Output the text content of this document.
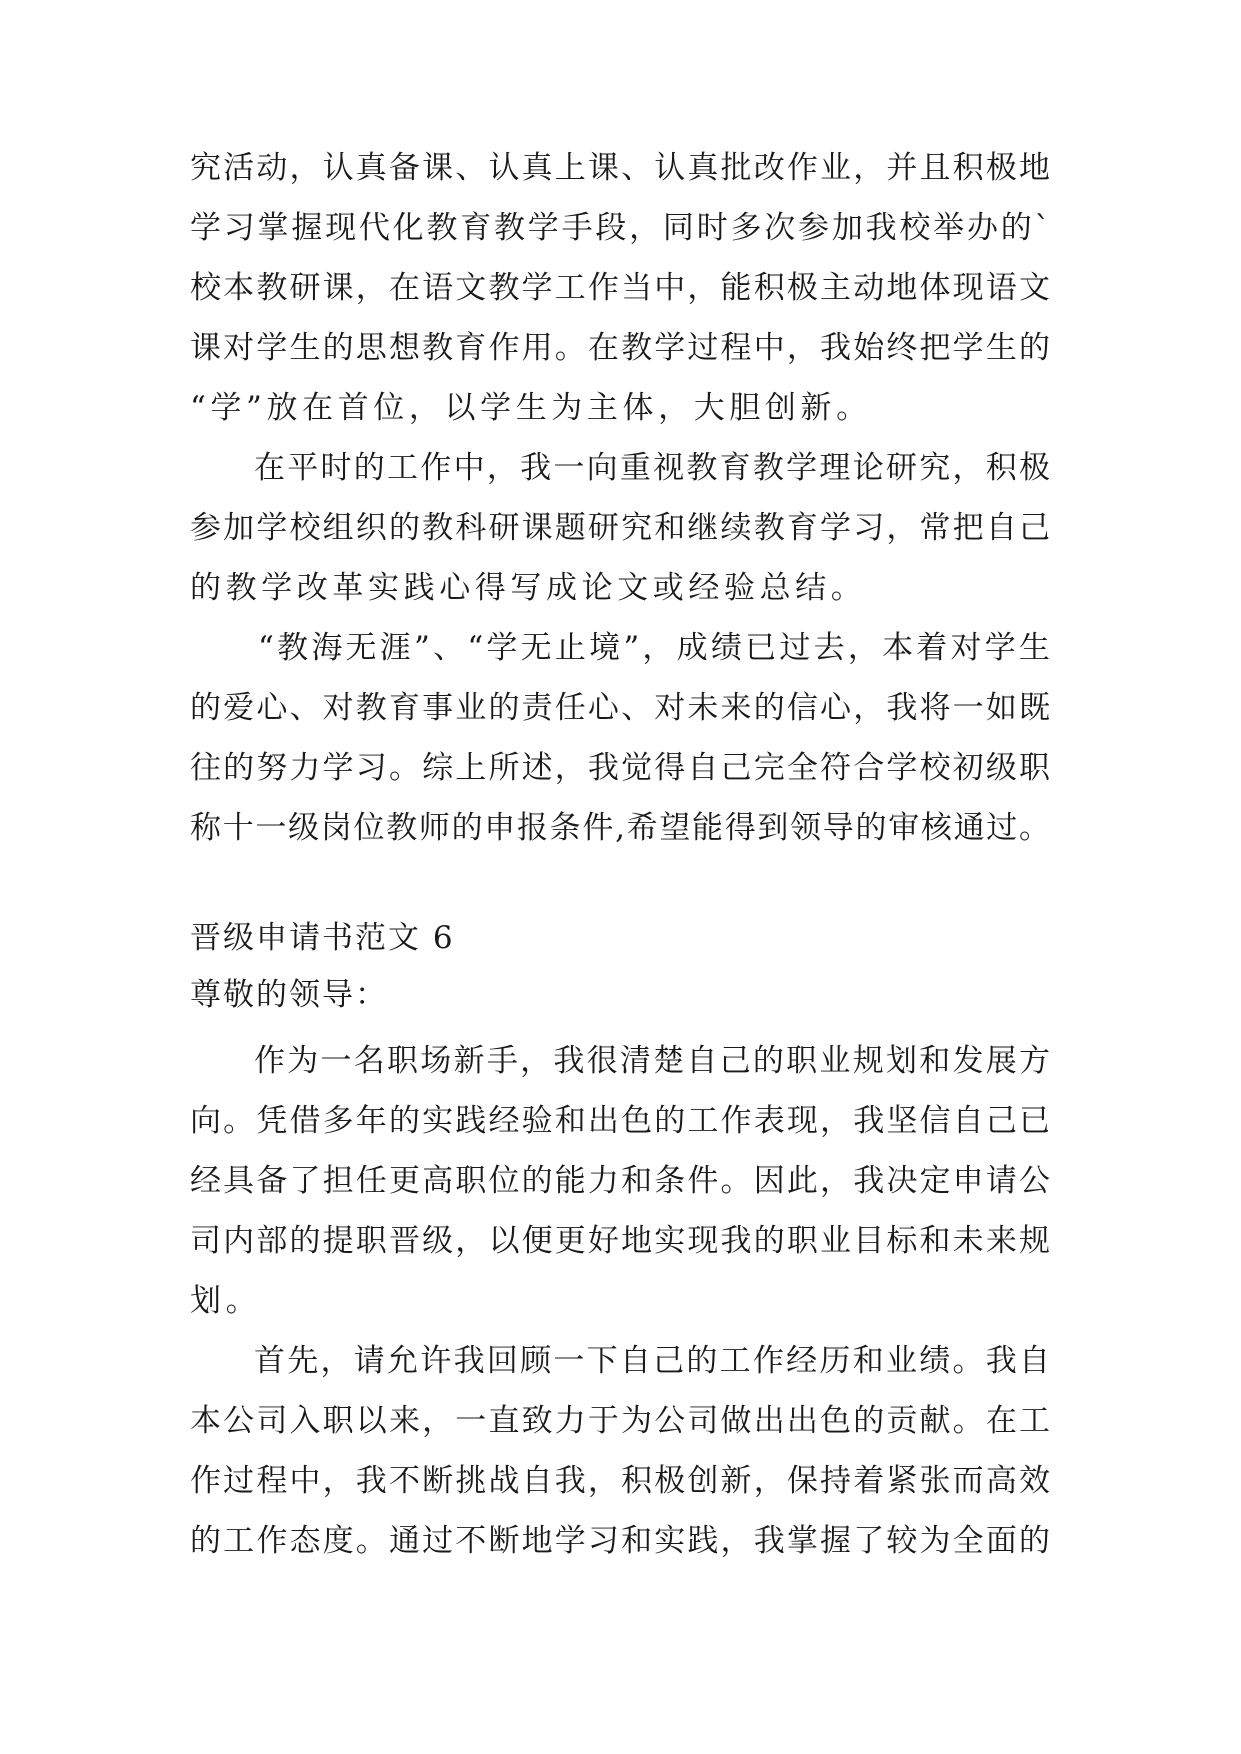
究活动，认真备课、认真上课、认真批改作业，并且积极地
学习掌握现代化教育教学手段，同时多次参加我校举办的`
校本教研课，在语文教学工作当中，能积极主动地体现语文
课对学生的思想教育作用。在教学过程中，我始终把学生的
“学”放在首位，以学生为主体，大胆创新。
在平时的工作中，我一向重视教育教学理论研究，积极
参加学校组织的教科研课题研究和继续教育学习，常把自己
的教学改革实践心得写成论文或经验总结。
“教海无涯”、“学无止境”，成绩已过去，本着对学生
的爱心、对教育事业的责任心、对未来的信心，我将一如既
往的努力学习。综上所述，我觉得自己完全符合学校初级职
称十一级岗位教师的申报条件,希望能得到领导的审核通过。
晋级申请书范文 6
尊敬的领导：
作为一名职场新手，我很清楚自己的职业规划和发展方
向。凭借多年的实践经验和出色的工作表现，我坚信自己已
经具备了担任更高职位的能力和条件。因此，我决定申请公
司内部的提职晋级，以便更好地实现我的职业目标和未来规
划。
首先，请允许我回顾一下自己的工作经历和业绩。我自
本公司入职以来，一直致力于为公司做出出色的贡献。在工
作过程中，我不断挑战自我，积极创新，保持着紧张而高效
的工作态度。通过不断地学习和实践，我掌握了较为全面的
